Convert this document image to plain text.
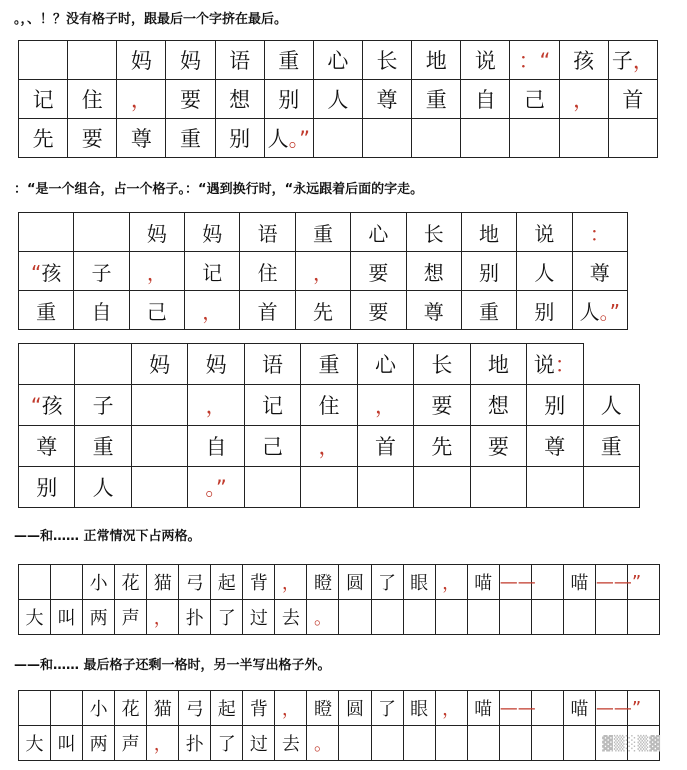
。，、！？没有格子时，跟最后一个字挤在最后。
		妈	妈	语	重	心	长	地	说	：“	孩	子，
记	住	，	要	想	别	人	尊	重	自	己	，	首
先	要	尊	重	别	人。”							
：“是一个组合，占一个格子。：“遇到换行时，“永远跟着后面的字走。
		妈	妈	语	重	心	长	地	说	：
“孩	子	，	记	住	，	要	想	别	人	尊
重	自	己	，	首	先	要	尊	重	别	人。”
		妈	妈	语	重	心	长	地	说：	
“孩	子		，	记	住	，	要	想	别	人
尊	重		自	己	，	首	先	要	尊	重
别	人		。”							
——和…… 正常情况下占两格。
		小	花	猫	弓	起	背	，	瞪	圆	了	眼	，	喵	——		喵	——”	
大	叫	两	声	，	扑	了	过	去	。										
——和…… 最后格子还剩一格时，另一半写出格子外。
		小	花	猫	弓	起	背	，	瞪	圆	了	眼	，	喵	——		喵	——”	
大	叫	两	声	，	扑	了	过	去	。											▓▒░▒▓
